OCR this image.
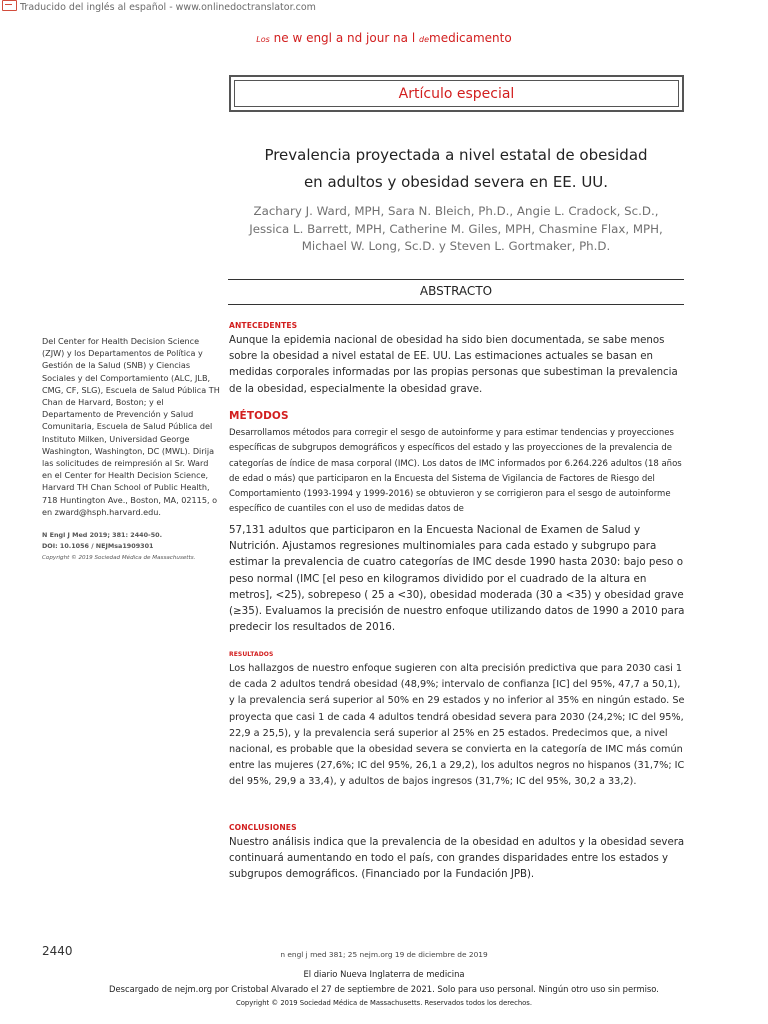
Traducido del inglés al español - www.onlinedoctranslator.com
Los ne w engl a nd jour na l demedicamento
Artículo especial
Prevalencia proyectada a nivel estatal de obesidad
en adultos y obesidad severa en EE. UU.
Zachary J. Ward, MPH, Sara N. Bleich, Ph.D., Angie L. Cradock, Sc.D.,
Jessica L. Barrett, MPH, Catherine M. Giles, MPH, Chasmine Flax, MPH,
Michael W. Long, Sc.D. y Steven L. Gortmaker, Ph.D.
ABSTRACTO
Del Center for Health Decision Science (ZJW) y los Departamentos de Política y Gestión de la Salud (SNB) y Ciencias Sociales y del Comportamiento (ALC, JLB, CMG, CF, SLG), Escuela de Salud Pública TH Chan de Harvard, Boston; y el Departamento de Prevención y Salud Comunitaria, Escuela de Salud Pública del Instituto Milken, Universidad George Washington, Washington, DC (MWL). Dirija las solicitudes de reimpresión al Sr. Ward en el Center for Health Decision Science, Harvard TH Chan School of Public Health, 718 Huntington Ave., Boston, MA, 02115, o en zward@hsph.harvard.edu.
N Engl J Med 2019; 381: 2440-50.
DOI: 10.1056 / NEJMsa1909301
Copyright © 2019 Sociedad Médica de Massachusetts.
ANTECEDENTES
Aunque la epidemia nacional de obesidad ha sido bien documentada, se sabe menos sobre la obesidad a nivel estatal de EE. UU. Las estimaciones actuales se basan en medidas corporales informadas por las propias personas que subestiman la prevalencia de la obesidad, especialmente la obesidad grave.
MÉTODOS
Desarrollamos métodos para corregir el sesgo de autoinforme y para estimar tendencias y proyecciones específicas de subgrupos demográficos y específicos del estado y las proyecciones de la prevalencia de categorías de índice de masa corporal (IMC). Los datos de IMC informados por 6.264.226 adultos (18 años de edad o más) que participaron en la Encuesta del Sistema de Vigilancia de Factores de Riesgo del Comportamiento (1993-1994 y 1999-2016) se obtuvieron y se corrigieron para el sesgo de autoinforme específico de cuantiles con el uso de medidas datos de
57,131 adultos que participaron en la Encuesta Nacional de Examen de Salud y Nutrición. Ajustamos regresiones multinomiales para cada estado y subgrupo para estimar la prevalencia de cuatro categorías de IMC desde 1990 hasta 2030: bajo peso o peso normal (IMC [el peso en kilogramos dividido por el cuadrado de la altura en metros], <25), sobrepeso ( 25 a <30), obesidad moderada (30 a <35) y obesidad grave (≥35). Evaluamos la precisión de nuestro enfoque utilizando datos de 1990 a 2010 para predecir los resultados de 2016.
RESULTADOS
Los hallazgos de nuestro enfoque sugieren con alta precisión predictiva que para 2030 casi 1 de cada 2 adultos tendrá obesidad (48,9%; intervalo de confianza [IC] del 95%, 47,7 a 50,1), y la prevalencia será superior al 50% en 29 estados y no inferior al 35% en ningún estado. Se proyecta que casi 1 de cada 4 adultos tendrá obesidad severa para 2030 (24,2%; IC del 95%, 22,9 a 25,5), y la prevalencia será superior al 25% en 25 estados. Predecimos que, a nivel nacional, es probable que la obesidad severa se convierta en la categoría de IMC más común entre las mujeres (27,6%; IC del 95%, 26,1 a 29,2), los adultos negros no hispanos (31,7%; IC del 95%, 29,9 a 33,4), y adultos de bajos ingresos (31,7%; IC del 95%, 30,2 a 33,2).
CONCLUSIONES
Nuestro análisis indica que la prevalencia de la obesidad en adultos y la obesidad severa continuará aumentando en todo el país, con grandes disparidades entre los estados y subgrupos demográficos. (Financiado por la Fundación JPB).
2440	n engl j med 381; 25 nejm.org 19 de diciembre de 2019
El diario Nueva Inglaterra de medicina
Descargado de nejm.org por Cristobal Alvarado el 27 de septiembre de 2021. Solo para uso personal. Ningún otro uso sin permiso.
Copyright © 2019 Sociedad Médica de Massachusetts. Reservados todos los derechos.
